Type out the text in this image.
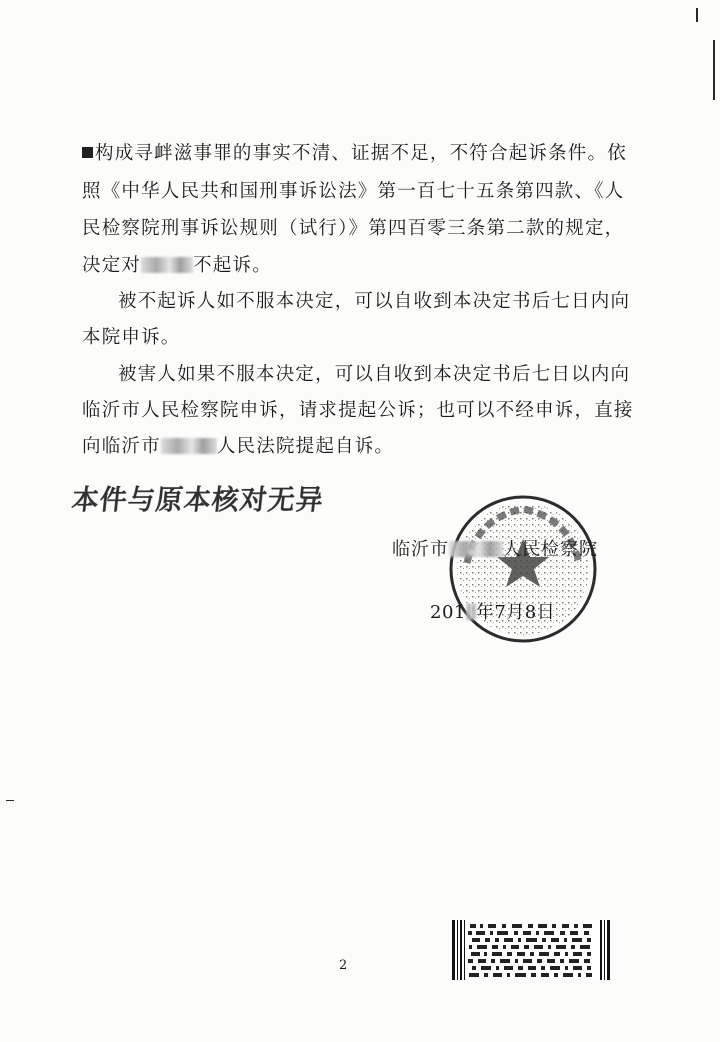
构成寻衅滋事罪的事实不清、证据不足，不符合起诉条件。依
照《中华人民共和国刑事诉讼法》第一百七十五条第四款、《人
民检察院刑事诉讼规则（试行）》第四百零三条第二款的规定，
决定对	不起诉。
被不起诉人如不服本决定，可以自收到本决定书后七日内向
本院申诉。
被害人如果不服本决定，可以自收到本决定书后七日以内向
临沂市人民检察院申诉，请求提起公诉；也可以不经申诉，直接
向临沂市	人民法院提起自诉。
本件与原本核对无异
临沂市	人民检察院
201 年7月8日
2
